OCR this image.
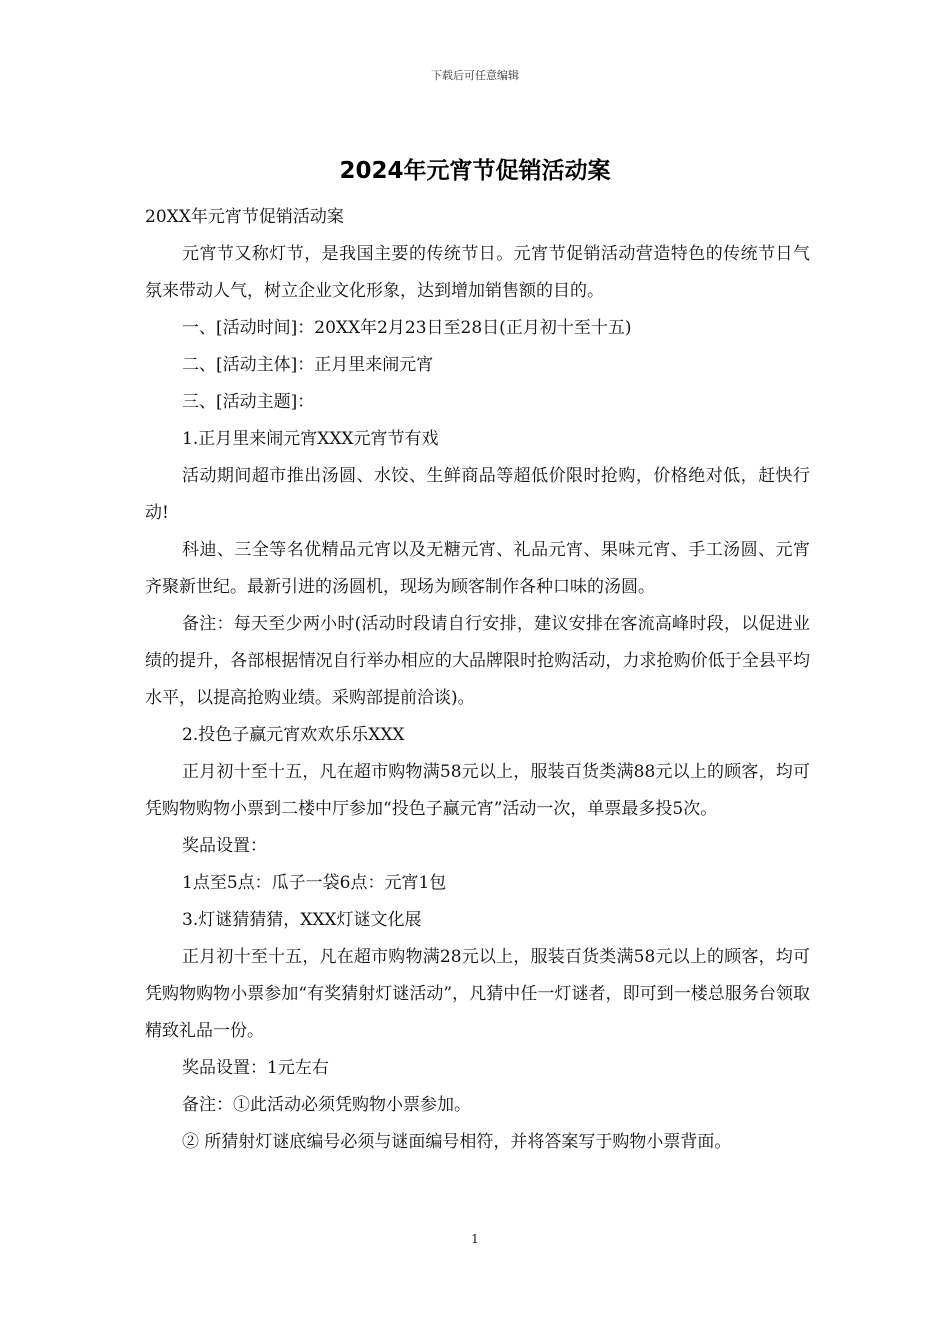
下载后可任意编辑
2024年元宵节促销活动案

20XX年元宵节促销活动案

元宵节又称灯节，是我国主要的传统节日。元宵节促销活动营造特色的传统节日气氛来带动人气，树立企业文化形象，达到增加销售额的目的。

一、[活动时间]：20XX年2月23日至28日(正月初十至十五)

二、[活动主体]：正月里来闹元宵

三、[活动主题]：

1.正月里来闹元宵XXX元宵节有戏

活动期间超市推出汤圆、水饺、生鲜商品等超低价限时抢购，价格绝对低，赶快行动!

科迪、三全等名优精品元宵以及无糖元宵、礼品元宵、果味元宵、手工汤圆、元宵齐聚新世纪。最新引进的汤圆机，现场为顾客制作各种口味的汤圆。

备注：每天至少两小时(活动时段请自行安排，建议安排在客流高峰时段，以促进业绩的提升，各部根据情况自行举办相应的大品牌限时抢购活动，力求抢购价低于全县平均水平，以提高抢购业绩。采购部提前洽谈)。

2.投色子赢元宵欢欢乐乐XXX

正月初十至十五，凡在超市购物满58元以上，服装百货类满88元以上的顾客，均可凭购物购物小票到二楼中厅参加“投色子赢元宵”活动一次，单票最多投5次。

奖品设置：

1点至5点：瓜子一袋6点：元宵1包

3.灯谜猜猜猜，XXX灯谜文化展

正月初十至十五，凡在超市购物满28元以上，服装百货类满58元以上的顾客，均可凭购物购物小票参加“有奖猜射灯谜活动”，凡猜中任一灯谜者，即可到一楼总服务台领取精致礼品一份。

奖品设置：1元左右

备注：①此活动必须凭购物小票参加。

② 所猜射灯谜底编号必须与谜面编号相符，并将答案写于购物小票背面。

1
